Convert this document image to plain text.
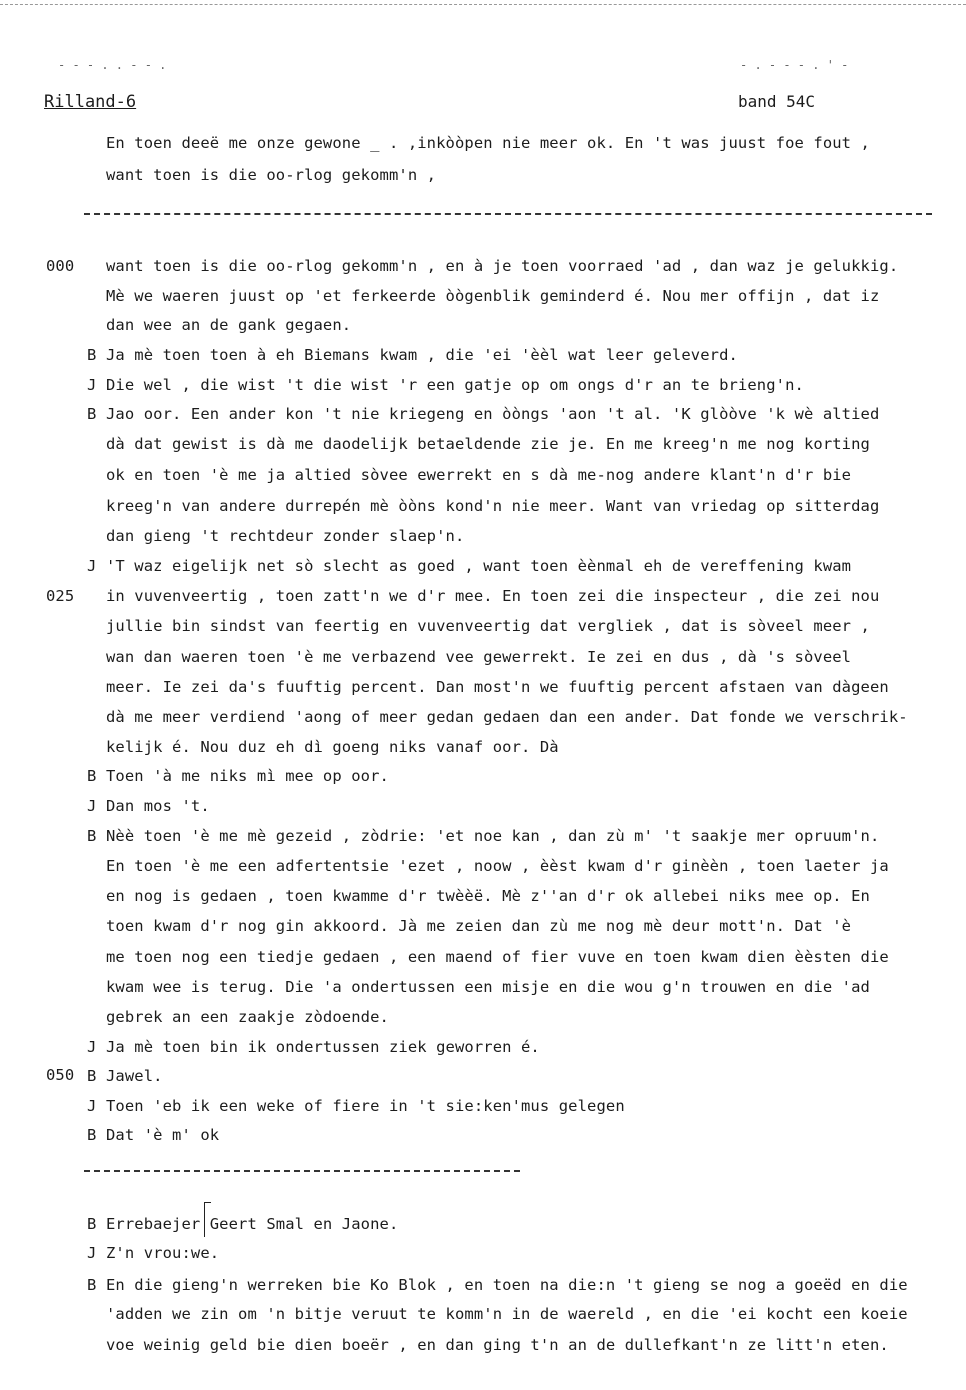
- - - . . - - .	- . - - - . ' -
Rilland-6	band 54C
En toen deeë me onze gewone _ . ,inkòòpen nie meer ok. En 't was juust foe fout ,
want toen is die oo-rlog gekomm'n ,
000
025
050
want toen is die oo-rlog gekomm'n , en à je toen voorraed 'ad , dan waz je gelukkig.
Mè we waeren juust op 'et ferkeerde òògenblik geminderd é. Nou mer offijn , dat iz
dan wee an de gank gegaen.
B Ja mè toen toen à eh Biemans kwam , die 'ei 'èèl wat leer geleverd.
J Die wel , die wist 't die wist 'r een gatje op om ongs d'r an te brieng'n.
B Jao oor. Een ander kon 't nie kriegeng en òòngs 'aon 't al. 'K glòòve 'k wè altied
dà dat gewist is dà me daodelijk betaeldende zie je. En me kreeg'n me nog korting
ok en toen 'è me ja altied sòvee ewerrekt en s dà me-nog andere klant'n d'r bie
kreeg'n van andere durrepén mè òòns kond'n nie meer. Want van vriedag op sitterdag
dan gieng 't rechtdeur zonder slaep'n.
J 'T waz eigelijk net sò slecht as goed , want toen èènmal eh de vereffening kwam
in vuvenveertig , toen zatt'n we d'r mee. En toen zei die inspecteur , die zei nou
jullie bin sindst van feertig en vuvenveertig dat vergliek , dat is sòveel meer ,
wan dan waeren toen 'è me verbazend vee gewerrekt. Ie zei en dus , dà 's sòveel
meer. Ie zei da's fuuftig percent. Dan most'n we fuuftig percent afstaen van dàgeen
dà me meer verdiend 'aong of meer gedan gedaen dan een ander. Dat fonde we verschrik-
kelijk é. Nou duz eh dì goeng niks vanaf oor. Dà
B Toen 'à me niks mì mee op oor.
J Dan mos 't.
B Nèè toen 'è me mè gezeid , zòdrie: 'et noe kan , dan zù m' 't saakje mer opruum'n.
En toen 'è me een adfertentsie 'ezet , noow , èèst kwam d'r ginèèn , toen laeter ja
en nog is gedaen , toen kwamme d'r twèèë. Mè z''an d'r ok allebei niks mee op. En
toen kwam d'r nog gin akkoord. Jà me zeien dan zù me nog mè deur mott'n. Dat 'è
me toen nog een tiedje gedaen , een maend of fier vuve en toen kwam dien èèsten die
kwam wee is terug. Die 'a ondertussen een misje en die wou g'n trouwen en die 'ad
gebrek an een zaakje zòdoende.
J Ja mè toen bin ik ondertussen ziek geworren é.
B Jawel.
J Toen 'eb ik een weke of fiere in 't sie:ken'mus gelegen
B Dat 'è m' ok
B Errebaejer Geert Smal en Jaone.
J Z'n vrou:we.
B En die gieng'n werreken bie Ko Blok , en toen na die:n 't gieng se nog a goeëd en die
'adden we zin om 'n bitje veruut te komm'n in de waereld , en die 'ei kocht een koeie
voe weinig geld bie dien boeër , en dan ging t'n an de dullefkant'n ze litt'n eten.
